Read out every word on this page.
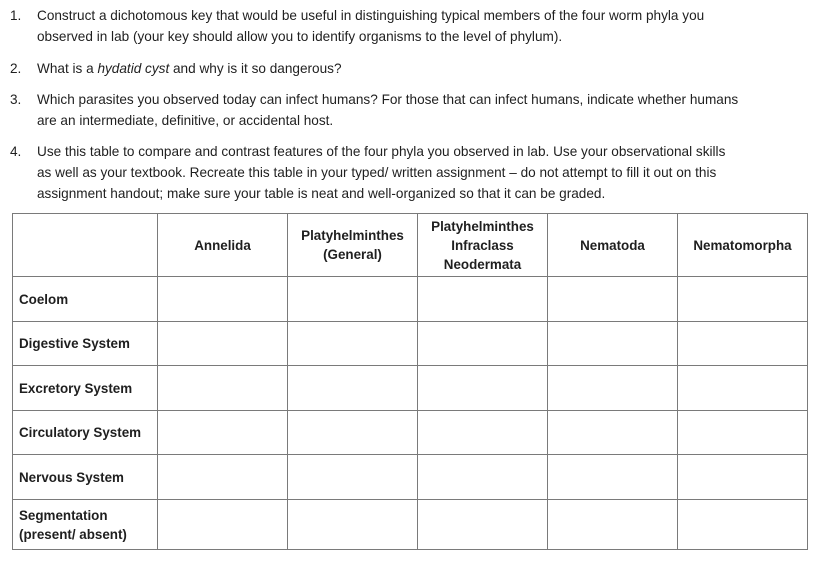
1. Construct a dichotomous key that would be useful in distinguishing typical members of the four worm phyla you
observed in lab (your key should allow you to identify organisms to the level of phylum).
2. What is a hydatid cyst and why is it so dangerous?
3. Which parasites you observed today can infect humans? For those that can infect humans, indicate whether humans
are an intermediate, definitive, or accidental host.
4. Use this table to compare and contrast features of the four phyla you observed in lab. Use your observational skills
as well as your textbook. Recreate this table in your typed/ written assignment – do not attempt to fill it out on this
assignment handout; make sure your table is neat and well-organized so that it can be graded.
	Annelida	Platyhelminthes
(General)	Platyhelminthes
Infraclass
Neodermata	Nematoda	Nematomorpha
Coelom					
Digestive System					
Excretory System					
Circulatory System					
Nervous System					
Segmentation
(present/ absent)					
